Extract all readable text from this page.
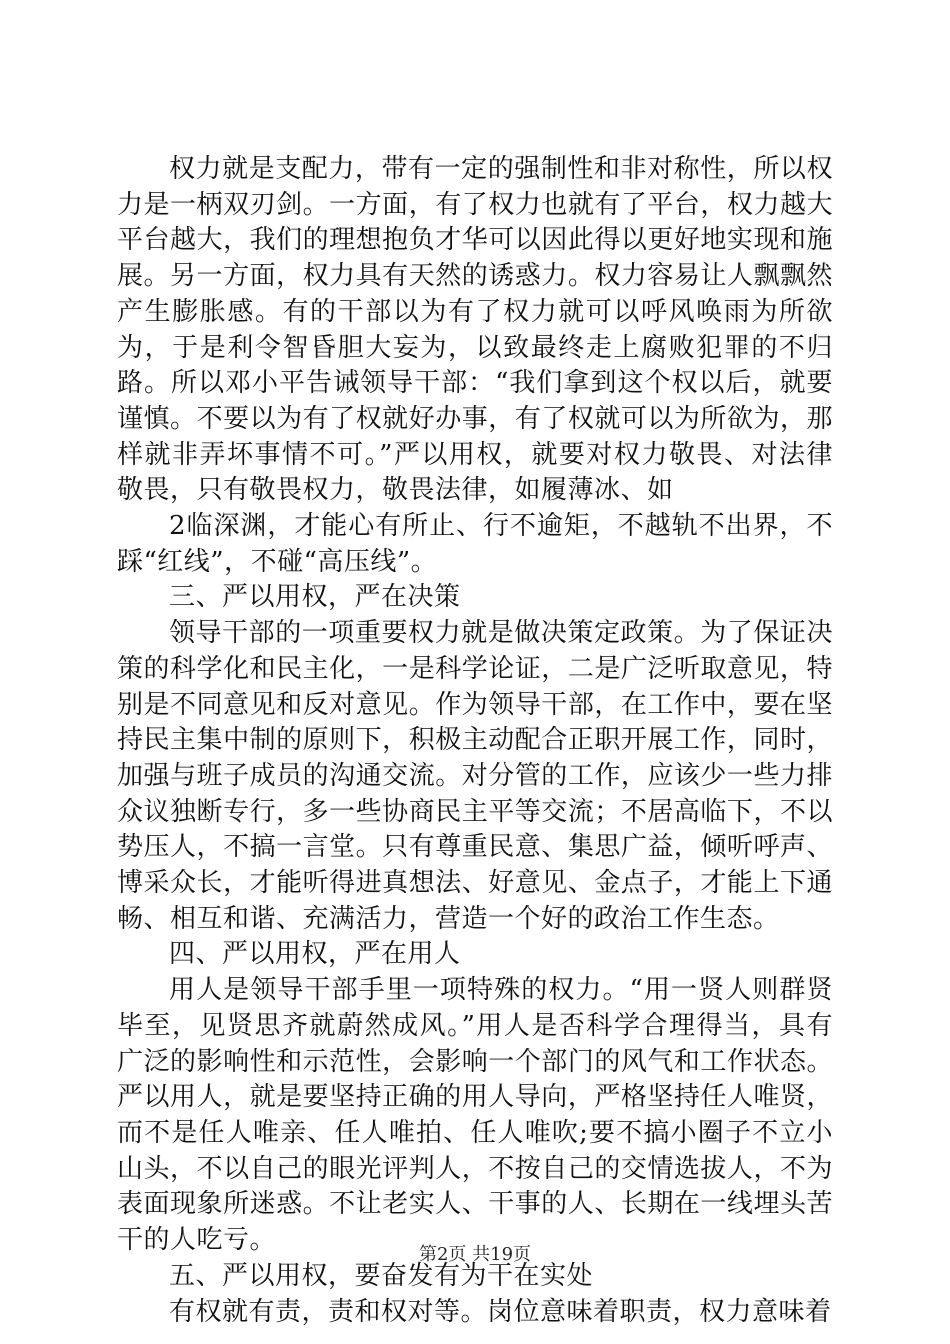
权力就是支配力，带有一定的强制性和非对称性，所以权力是一柄双刃剑。一方面，有了权力也就有了平台，权力越大平台越大，我们的理想抱负才华可以因此得以更好地实现和施展。另一方面，权力具有天然的诱惑力。权力容易让人飘飘然产生膨胀感。有的干部以为有了权力就可以呼风唤雨为所欲为，于是利令智昏胆大妄为，以致最终走上腐败犯罪的不归路。所以邓小平告诫领导干部：“我们拿到这个权以后，就要谨慎。不要以为有了权就好办事，有了权就可以为所欲为，那样就非弄坏事情不可。”严以用权，就要对权力敬畏、对法律敬畏，只有敬畏权力，敬畏法律，如履薄冰、如

2临深渊，才能心有所止、行不逾矩，不越轨不出界，不踩“红线”，不碰“高压线”。

三、严以用权，严在决策

领导干部的一项重要权力就是做决策定政策。为了保证决策的科学化和民主化，一是科学论证，二是广泛听取意见，特别是不同意见和反对意见。作为领导干部，在工作中，要在坚持民主集中制的原则下，积极主动配合正职开展工作，同时，加强与班子成员的沟通交流。对分管的工作，应该少一些力排众议独断专行，多一些协商民主平等交流；不居高临下，不以势压人，不搞一言堂。只有尊重民意、集思广益，倾听呼声、博采众长，才能听得进真想法、好意见、金点子，才能上下通畅、相互和谐、充满活力，营造一个好的政治工作生态。

四、严以用权，严在用人

用人是领导干部手里一项特殊的权力。“用一贤人则群贤毕至，见贤思齐就蔚然成风。”用人是否科学合理得当，具有广泛的影响性和示范性，会影响一个部门的风气和工作状态。严以用人，就是要坚持正确的用人导向，严格坚持任人唯贤，而不是任人唯亲、任人唯拍、任人唯吹;要不搞小圈子不立小山头，不以自己的眼光评判人，不按自己的交情选拔人，不为表面现象所迷惑。不让老实人、干事的人、长期在一线埋头苦干的人吃亏。

五、严以用权，要奋发有为干在实处

有权就有责，责和权对等。岗位意味着职责，权力意味着

第2页 共19页
